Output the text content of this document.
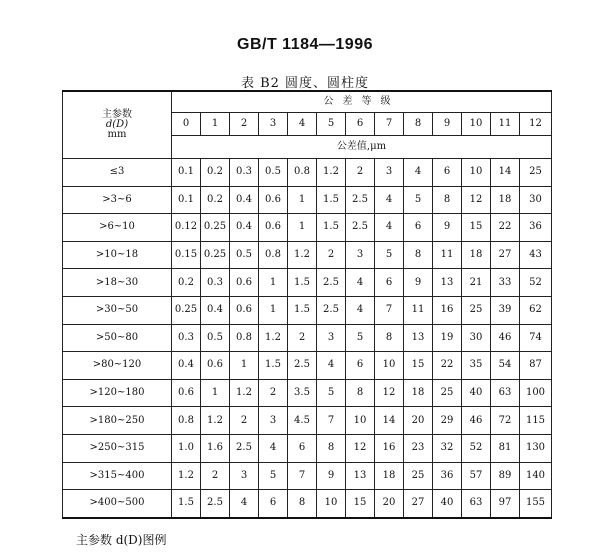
GB/T 1184—1996
表 B2 圆度、圆柱度
主参数
d(D)
mm	公差等级												
	0	1	2	3	4	5	6	7	8	9	10	11	12
	公差值,μm												
≤3	0.1	0.2	0.3	0.5	0.8	1.2	2	3	4	6	10	14	25
>3~6	0.1	0.2	0.4	0.6	1	1.5	2.5	4	5	8	12	18	30
>6~10	0.12	0.25	0.4	0.6	1	1.5	2.5	4	6	9	15	22	36
>10~18	0.15	0.25	0.5	0.8	1.2	2	3	5	8	11	18	27	43
>18~30	0.2	0.3	0.6	1	1.5	2.5	4	6	9	13	21	33	52
>30~50	0.25	0.4	0.6	1	1.5	2.5	4	7	11	16	25	39	62
>50~80	0.3	0.5	0.8	1.2	2	3	5	8	13	19	30	46	74
>80~120	0.4	0.6	1	1.5	2.5	4	6	10	15	22	35	54	87
>120~180	0.6	1	1.2	2	3.5	5	8	12	18	25	40	63	100
>180~250	0.8	1.2	2	3	4.5	7	10	14	20	29	46	72	115
>250~315	1.0	1.6	2.5	4	6	8	12	16	23	32	52	81	130
>315~400	1.2	2	3	5	7	9	13	18	25	36	57	89	140
>400~500	1.5	2.5	4	6	8	10	15	20	27	40	63	97	155
主参数 d(D)图例
